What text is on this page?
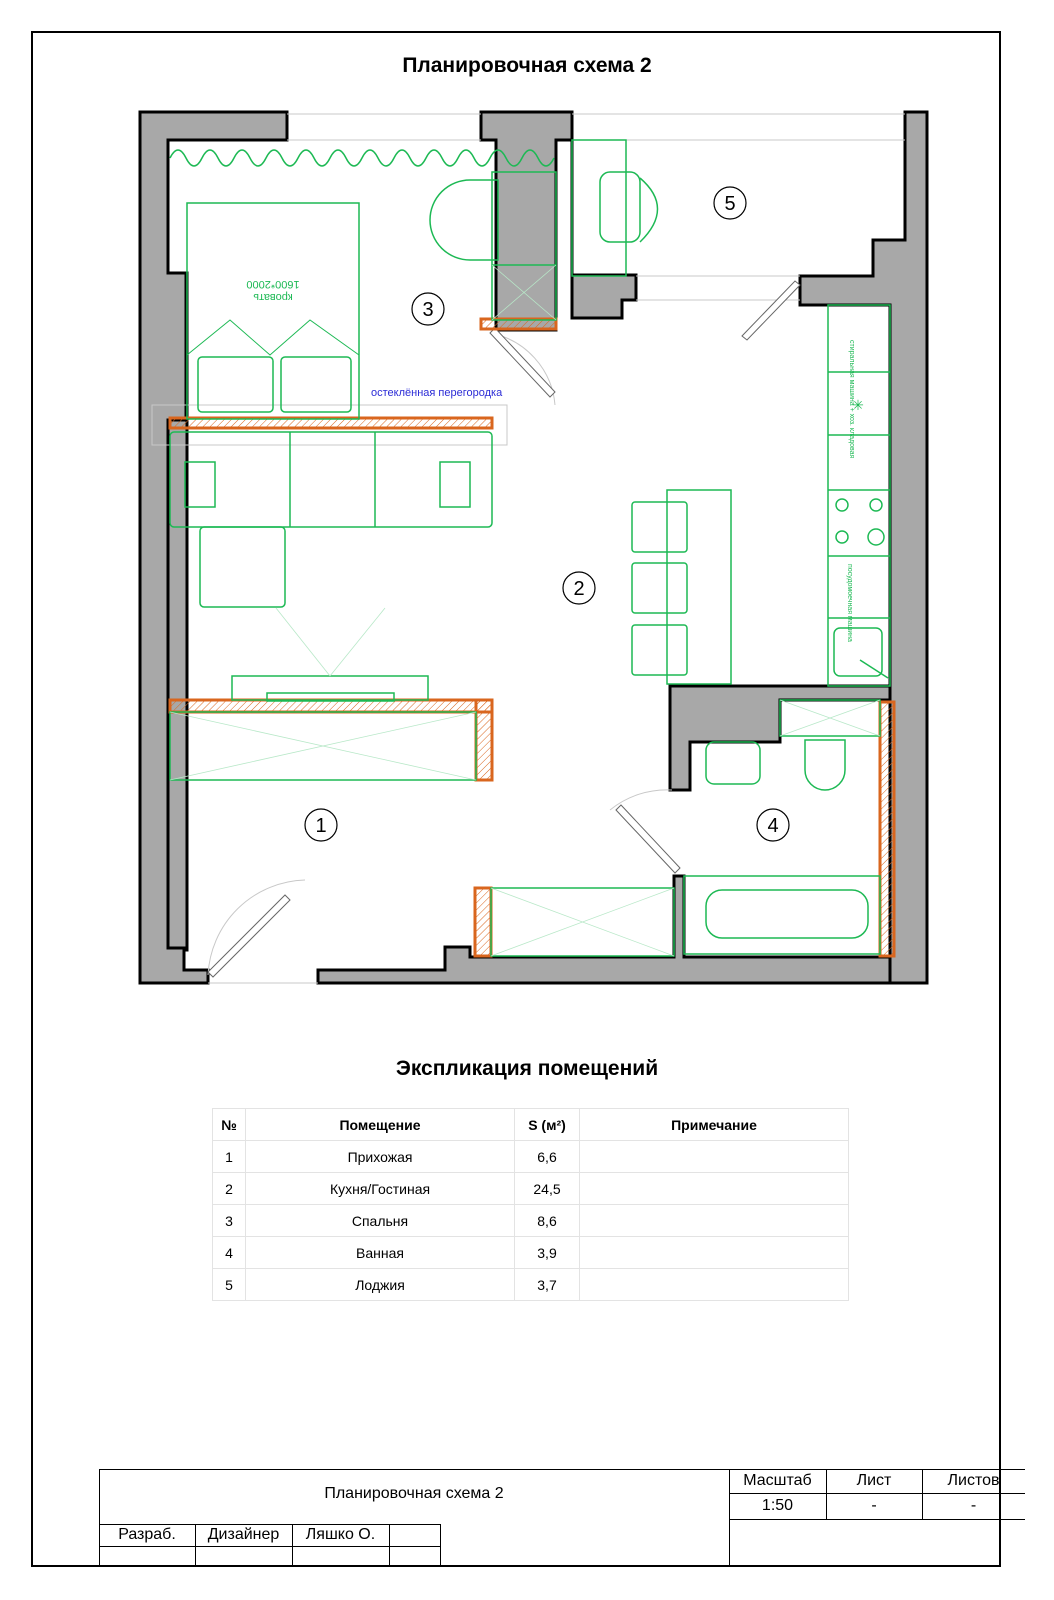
Планировочная схема 2
кровать
1600*2000
остеклённая перегородка	стиральная машина + хоз. кладовая
посудомоечная машина
✳
1
2
3
4
5
Экспликация помещений
№	Помещение	S (м²)	Примечание
1	Прихожая	6,6	
2	Кухня/Гостиная	24,5	
3	Спальня	8,6	
4	Ванная	3,9	
5	Лоджия	3,7	
Планировочная схема 2
Масштаб	Лист	Листов
1:50	-	-
Разраб.	Дизайнер	Ляшко О.
